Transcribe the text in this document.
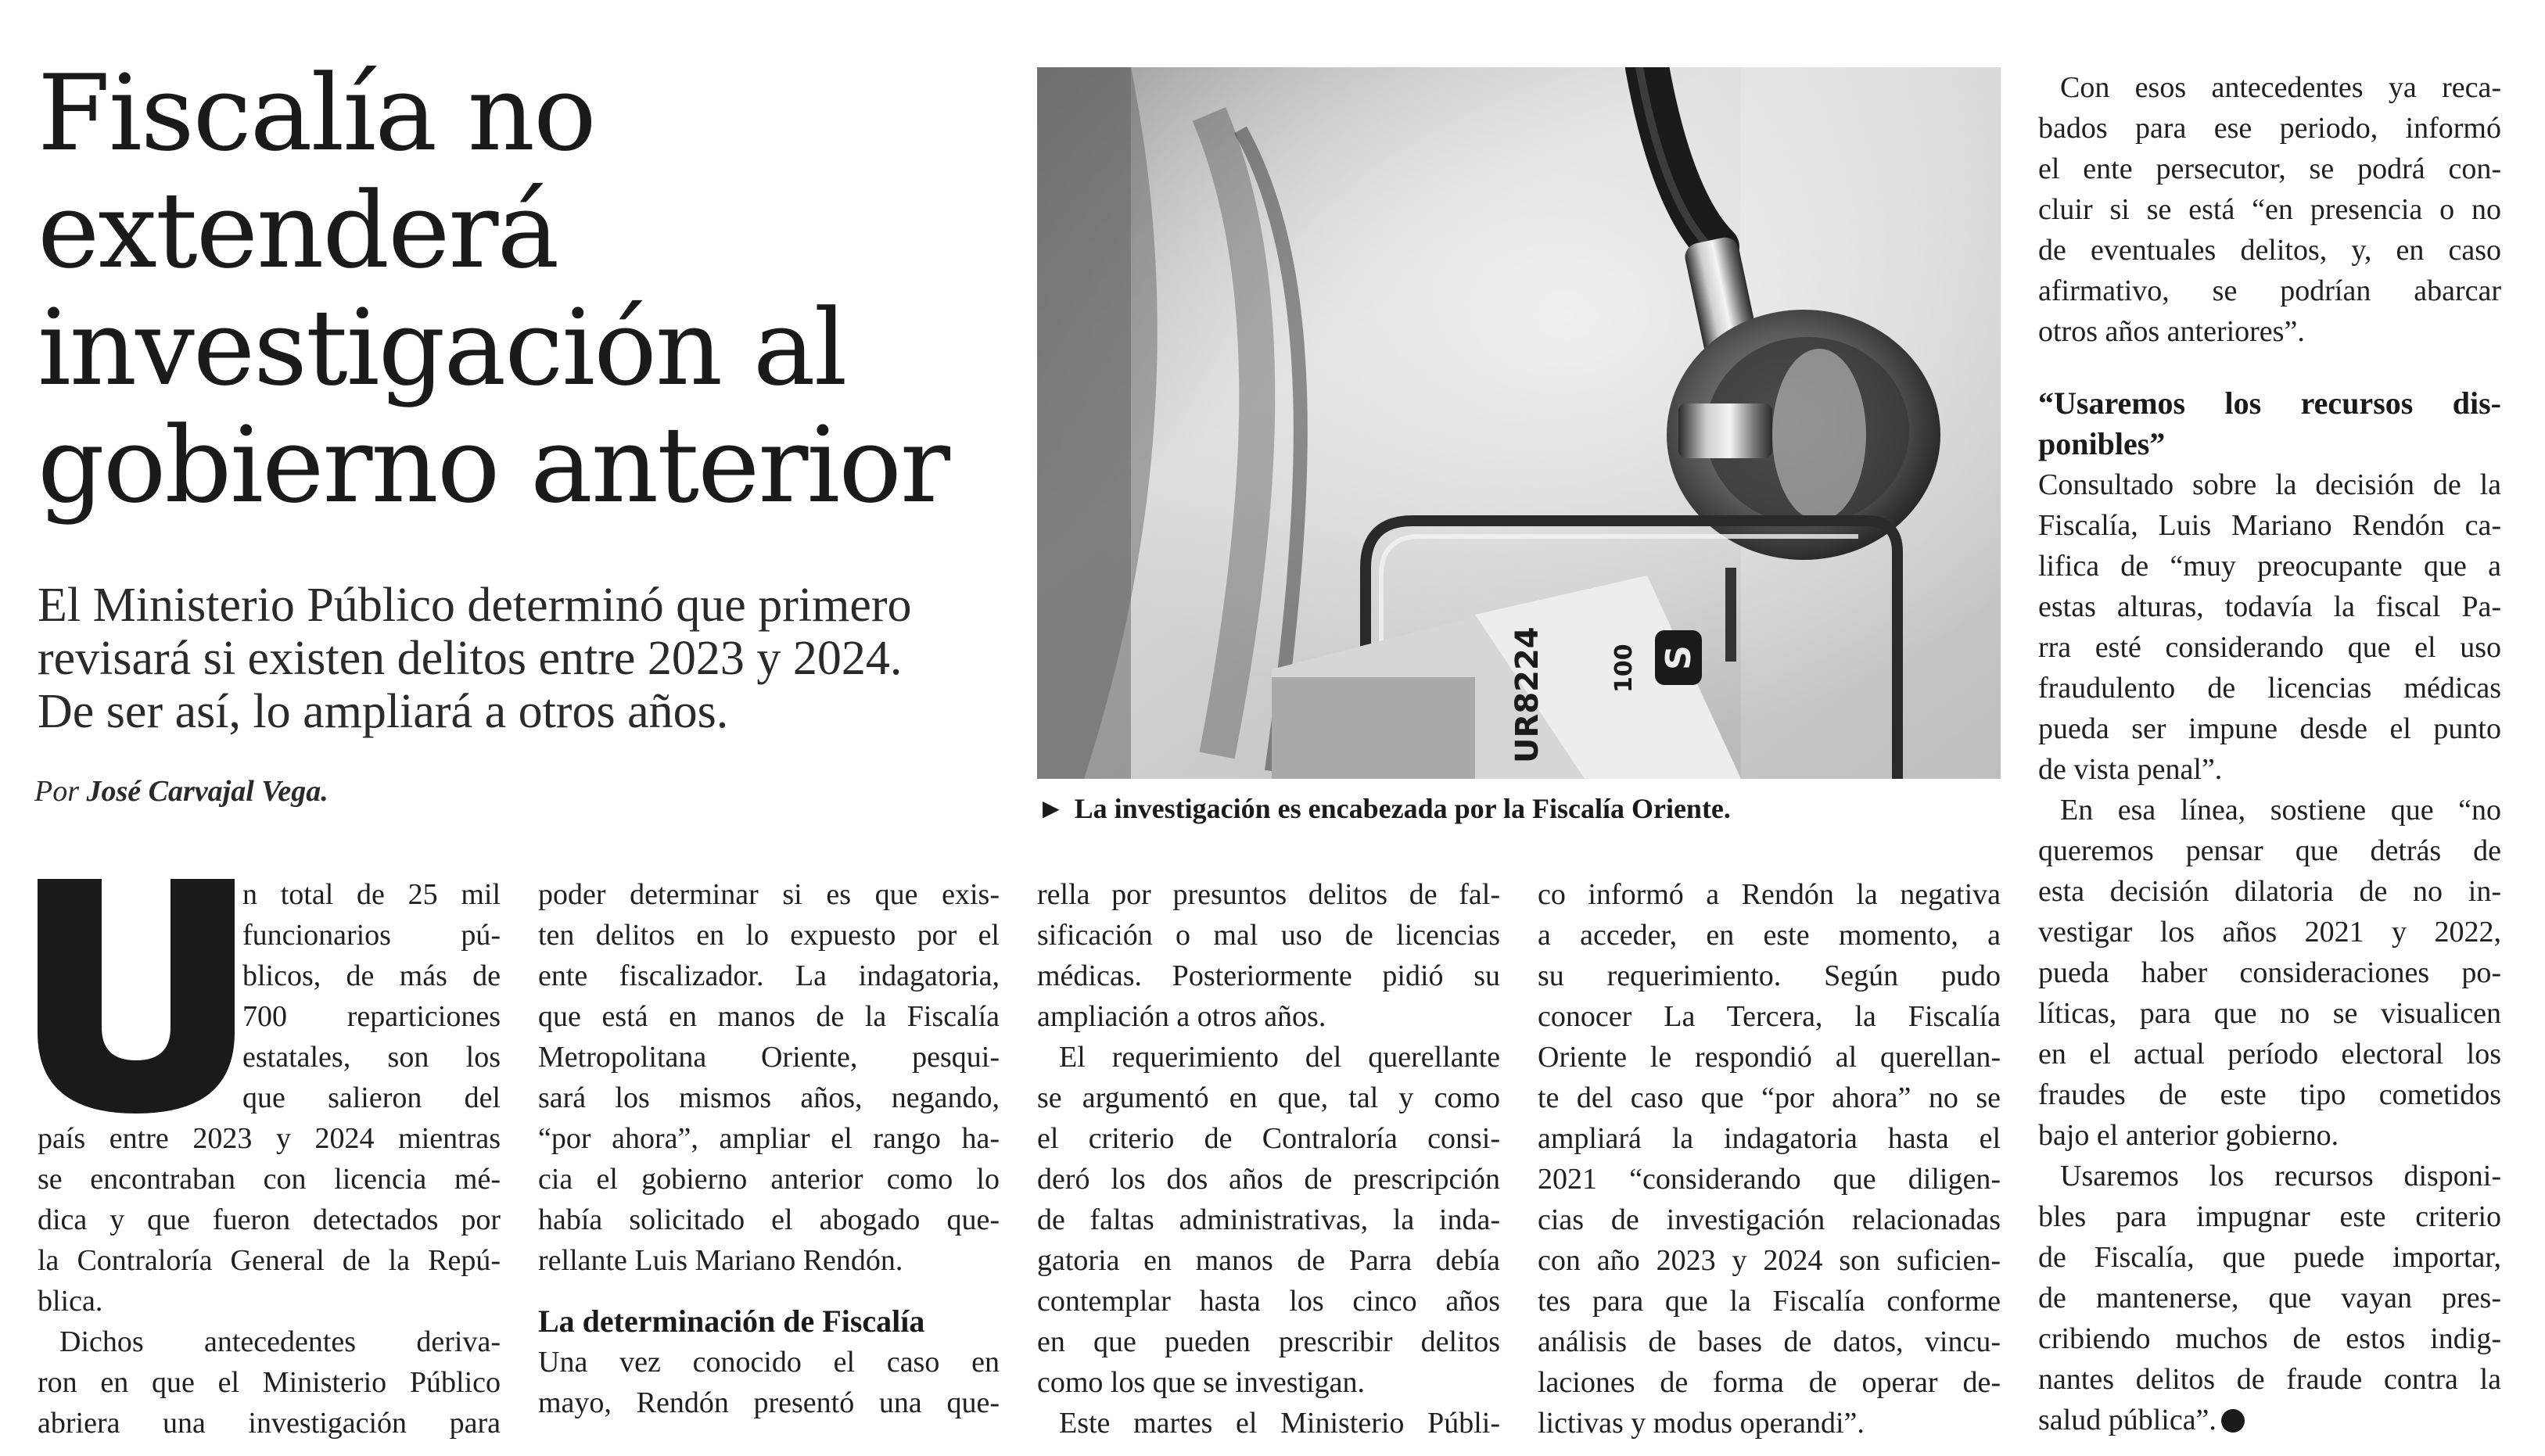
Fiscalía no
extenderá
investigación al
gobierno anterior

El Ministerio Público determinó que primero
revisará si existen delitos entre 2023 y 2024.
De ser así, lo ampliará a otros años.

Por José Carvajal Vega.
UR8224	100 S
► La investigación es encabezada por la Fiscalía Oriente.

n total de 25 mil
funcionarios pú-
blicos, de más de
700 reparticiones
estatales, son los
que salieron del
país entre 2023 y 2024 mientras
se encontraban con licencia mé-
dica y que fueron detectados por
la Contraloría General de la Repú-
blica.

Dichos antecedentes deriva-
ron en que el Ministerio Público
abriera una investigación para

poder determinar si es que exis-
ten delitos en lo expuesto por el
ente fiscalizador. La indagatoria,
que está en manos de la Fiscalía
Metropolitana Oriente, pesqui-
sará los mismos años, negando,
“por ahora”, ampliar el rango ha-
cia el gobierno anterior como lo
había solicitado el abogado que-
rellante Luis Mariano Rendón.

La determinación de Fiscalía

Una vez conocido el caso en
mayo, Rendón presentó una que-

rella por presuntos delitos de fal-
sificación o mal uso de licencias
médicas. Posteriormente pidió su
ampliación a otros años.

El requerimiento del querellante
se argumentó en que, tal y como
el criterio de Contraloría consi-
deró los dos años de prescripción
de faltas administrativas, la inda-
gatoria en manos de Parra debía
contemplar hasta los cinco años
en que pueden prescribir delitos
como los que se investigan.

Este martes el Ministerio Públi-

co informó a Rendón la negativa
a acceder, en este momento, a
su requerimiento. Según pudo
conocer La Tercera, la Fiscalía
Oriente le respondió al querellan-
te del caso que “por ahora” no se
ampliará la indagatoria hasta el
2021 “considerando que diligen-
cias de investigación relacionadas
con año 2023 y 2024 son suficien-
tes para que la Fiscalía conforme
análisis de bases de datos, vincu-
laciones de forma de operar de-
lictivas y modus operandi”.

Con esos antecedentes ya reca-
bados para ese periodo, informó
el ente persecutor, se podrá con-
cluir si se está “en presencia o no
de eventuales delitos, y, en caso
afirmativo, se podrían abarcar
otros años anteriores”.

“Usaremos los recursos dis-
ponibles”

Consultado sobre la decisión de la
Fiscalía, Luis Mariano Rendón ca-
lifica de “muy preocupante que a
estas alturas, todavía la fiscal Pa-
rra esté considerando que el uso
fraudulento de licencias médicas
pueda ser impune desde el punto
de vista penal”.

En esa línea, sostiene que “no
queremos pensar que detrás de
esta decisión dilatoria de no in-
vestigar los años 2021 y 2022,
pueda haber consideraciones po-
líticas, para que no se visualicen
en el actual período electoral los
fraudes de este tipo cometidos
bajo el anterior gobierno.

Usaremos los recursos disponi-
bles para impugnar este criterio
de Fiscalía, que puede importar,
de mantenerse, que vayan pres-
cribiendo muchos de estos indig-
nantes delitos de fraude contra la
salud pública”.
